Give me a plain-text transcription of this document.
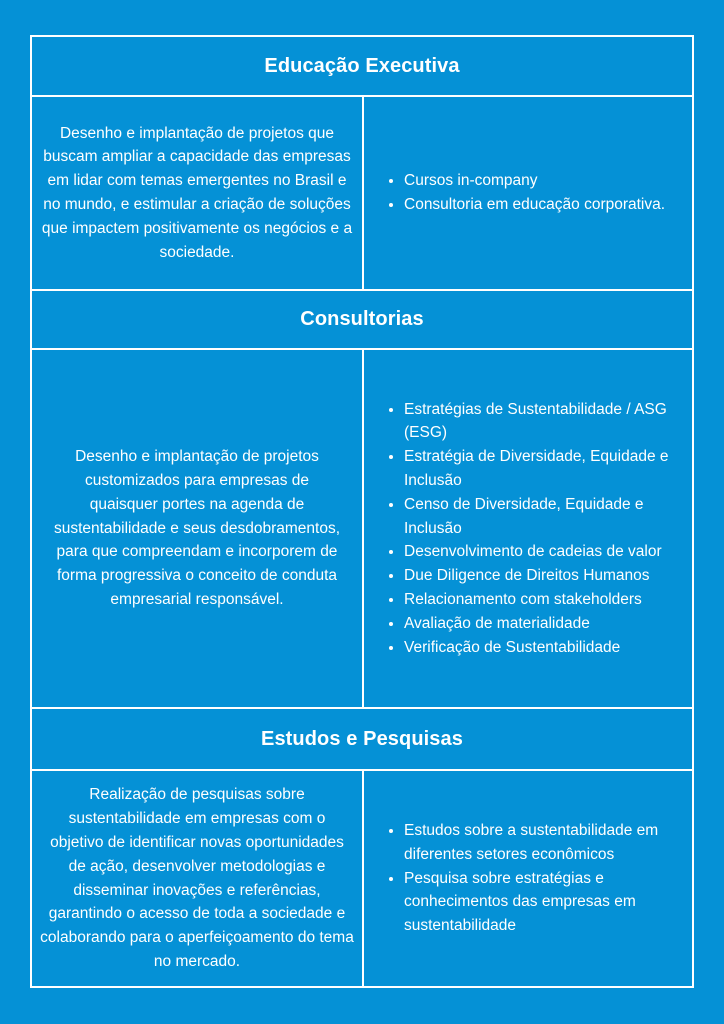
Educação Executiva

Desenho e implantação de projetos que buscam ampliar a capacidade das empresas em lidar com temas emergentes no Brasil e no mundo, e estimular a criação de soluções que impactem positivamente os negócios e a sociedade.

• Cursos in-company
• Consultoria em educação corporativa.
Consultorias

Desenho e implantação de projetos customizados para empresas de quaisquer portes na agenda de sustentabilidade e seus desdobramentos, para que compreendam e incorporem de forma progressiva o conceito de conduta empresarial responsável.

• Estratégias de Sustentabilidade / ASG (ESG)
• Estratégia de Diversidade, Equidade e Inclusão
• Censo de Diversidade, Equidade e Inclusão
• Desenvolvimento de cadeias de valor
• Due Diligence de Direitos Humanos
• Relacionamento com stakeholders
• Avaliação de materialidade
• Verificação de Sustentabilidade
Estudos e Pesquisas

Realização de pesquisas sobre sustentabilidade em empresas com o objetivo de identificar novas oportunidades de ação, desenvolver metodologias e disseminar inovações e referências, garantindo o acesso de toda a sociedade e colaborando para o aperfeiçoamento do tema no mercado.

• Estudos sobre a sustentabilidade em diferentes setores econômicos
• Pesquisa sobre estratégias e conhecimentos das empresas em sustentabilidade
